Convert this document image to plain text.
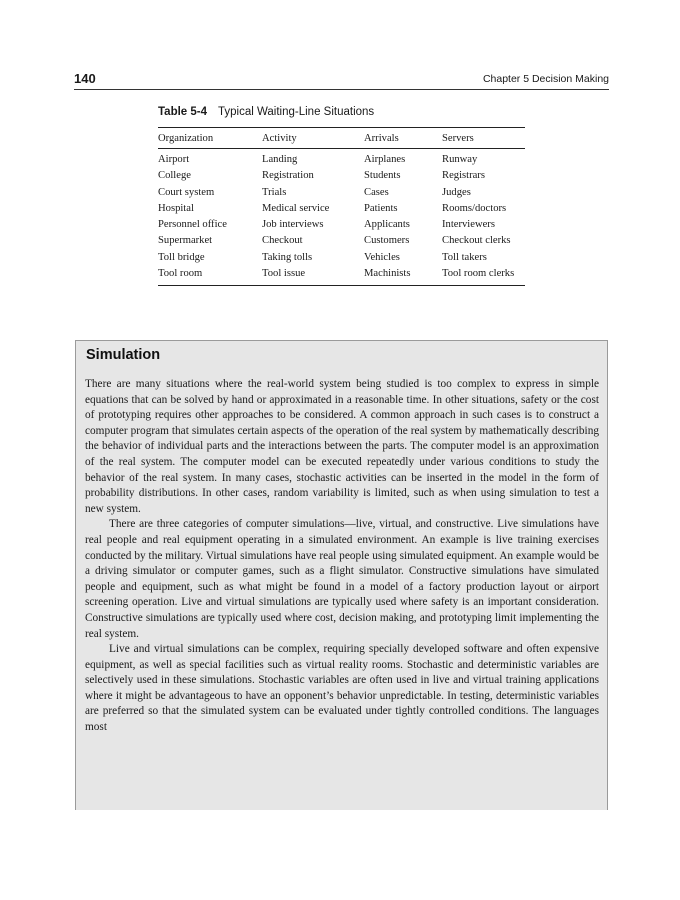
140	Chapter 5 Decision Making
Table 5-4 Typical Waiting-Line Situations
Organization	Activity	Arrivals	Servers
Airport	Landing	Airplanes	Runway
College	Registration	Students	Registrars
Court system	Trials	Cases	Judges
Hospital	Medical service	Patients	Rooms/doctors
Personnel office	Job interviews	Applicants	Interviewers
Supermarket	Checkout	Customers	Checkout clerks
Toll bridge	Taking tolls	Vehicles	Toll takers
Tool room	Tool issue	Machinists	Tool room clerks
Simulation

There are many situations where the real-world system being studied is too complex to express in simple equations that can be solved by hand or approximated in a reasonable time. In other situations, safety or the cost of prototyping requires other approaches to be considered. A common approach in such cases is to construct a computer program that simulates certain aspects of the operation of the real system by mathematically describing the behavior of individual parts and the interactions between the parts. The computer model is an approximation of the real system. The computer model can be executed repeatedly under various conditions to study the behavior of the real system. In many cases, stochastic activities can be inserted in the model in the form of probability distributions. In other cases, random variability is limited, such as when using simulation to test a new system.

There are three categories of computer simulations—live, virtual, and constructive. Live simulations have real people and real equipment operating in a simulated environment. An example is live training exercises conducted by the military. Virtual simulations have real people using simulated equipment. An example would be a driving simulator or computer games, such as a flight simulator. Constructive simulations have simulated people and equipment, such as what might be found in a model of a factory production layout or airport screening operation. Live and virtual simulations are typically used where safety is an important consideration. Constructive simulations are typically used where cost, decision making, and prototyping limit implementing the real system.

Live and virtual simulations can be complex, requiring specially developed software and often expensive equipment, as well as special facilities such as virtual reality rooms. Stochastic and deterministic variables are selectively used in these simulations. Stochastic variables are often used in live and virtual training applications where it might be advantageous to have an opponent’s behavior unpredictable. In testing, deterministic variables are preferred so that the simulated system can be evaluated under tightly controlled conditions. The languages most
